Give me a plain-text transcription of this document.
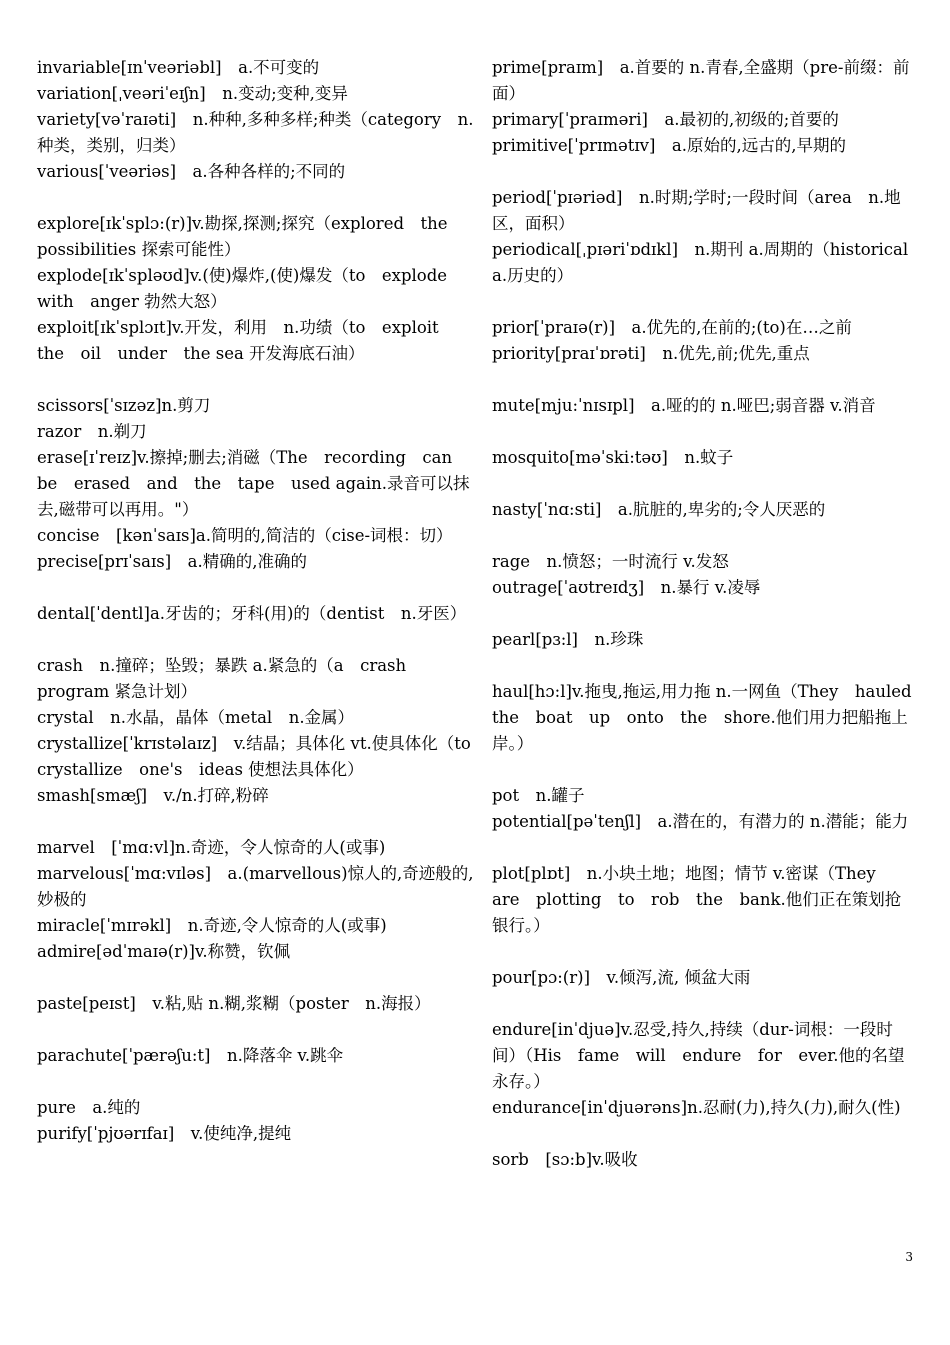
invariable[ɪnˈveəriəbl]　a.不可变的

variation[ˌveəriˈeɪʃn]　n.变动;变种,变异

variety[vəˈraɪəti]　n.种种,多种多样;种类（category　n.种类，类别，归类）

various[ˈveəriəs]　a.各种各样的;不同的

explore[ɪkˈsplɔ:(r)]v.勘探,探测;探究（explored　the　possibilities 探索可能性）

explode[ɪkˈspləʊd]v.(使)爆炸,(使)爆发（to　explode　with　anger 勃然大怒）

exploit[ɪkˈsplɔɪt]v.开发，利用　n.功绩（to　exploit　the　oil　under　the sea 开发海底石油）

scissors[ˈsɪzəz]n.剪刀

razor　n.剃刀

erase[ɪˈreɪz]v.擦掉;删去;消磁（The　recording　can　be　erased　and　the　tape　used again.录音可以抹去,磁带可以再用。"）

concise　[kənˈsaɪs]a.简明的,简洁的（cise-词根：切）

precise[prɪˈsaɪs]　a.精确的,准确的

dental[ˈdentl]a.牙齿的；牙科(用)的（dentist　n.牙医）

crash　n.撞碎；坠毁；暴跌 a.紧急的（a　crash　program 紧急计划）

crystal　n.水晶，晶体（metal　n.金属）

crystallize[ˈkrɪstəlaɪz]　v.结晶；具体化 vt.使具体化（to　crystallize　one's　ideas 使想法具体化）

smash[smæʃ]　v./n.打碎,粉碎

marvel　[ˈmɑ:vl]n.奇迹，令人惊奇的人(或事)

marvelous[ˈmɑ:vɪləs]　a.(marvellous)惊人的,奇迹般的,妙极的

miracle[ˈmɪrəkl]　n.奇迹,令人惊奇的人(或事)

admire[ədˈmaɪə(r)]v.称赞，钦佩

paste[peɪst]　v.粘,贴 n.糊,浆糊（poster　n.海报）

parachute[ˈpærəʃu:t]　n.降落伞 v.跳伞

pure　a.纯的

purify[ˈpjʊərɪfaɪ]　v.使纯净,提纯

prime[praɪm]　a.首要的 n.青春,全盛期（pre-前缀：前面）

primary[ˈpraɪməri]　a.最初的,初级的;首要的

primitive[ˈprɪmətɪv]　a.原始的,远古的,早期的

period[ˈpɪəriəd]　n.时期;学时;一段时间（area　n.地区，面积）

periodical[ˌpɪəriˈɒdɪkl]　n.期刊 a.周期的（historical　a.历史的）

prior[ˈpraɪə(r)]　a.优先的,在前的;(to)在…之前

priority[praɪˈɒrəti]　n.优先,前;优先,重点

mute[mju:ˈnɪsɪpl]　a.哑的的 n.哑巴;弱音器 v.消音

mosquito[məˈski:təʊ]　n.蚊子

nasty[ˈnɑ:sti]　a.肮脏的,卑劣的;令人厌恶的

rage　n.愤怒；一时流行 v.发怒

outrage[ˈaʊtreɪdʒ]　n.暴行 v.凌辱

pearl[pɜ:l]　n.珍珠

haul[hɔ:l]v.拖曳,拖运,用力拖 n.一网鱼（They　hauled　the　boat　up　onto　the　shore.他们用力把船拖上岸。）

pot　n.罐子

potential[pəˈtenʃl]　a.潜在的，有潜力的 n.潜能；能力

plot[plɒt]　n.小块土地；地图；情节 v.密谋（They　are　plotting　to　rob　the　bank.他们正在策划抢银行。）

pour[pɔ:(r)]　v.倾泻,流, 倾盆大雨

endure[inˈdjuə]v.忍受,持久,持续（dur-词根：一段时间）（His　fame　will　endure　for　ever.他的名望永存。）

endurance[inˈdjuərəns]n.忍耐(力),持久(力),耐久(性)

sorb　[sɔ:b]v.吸收

3
